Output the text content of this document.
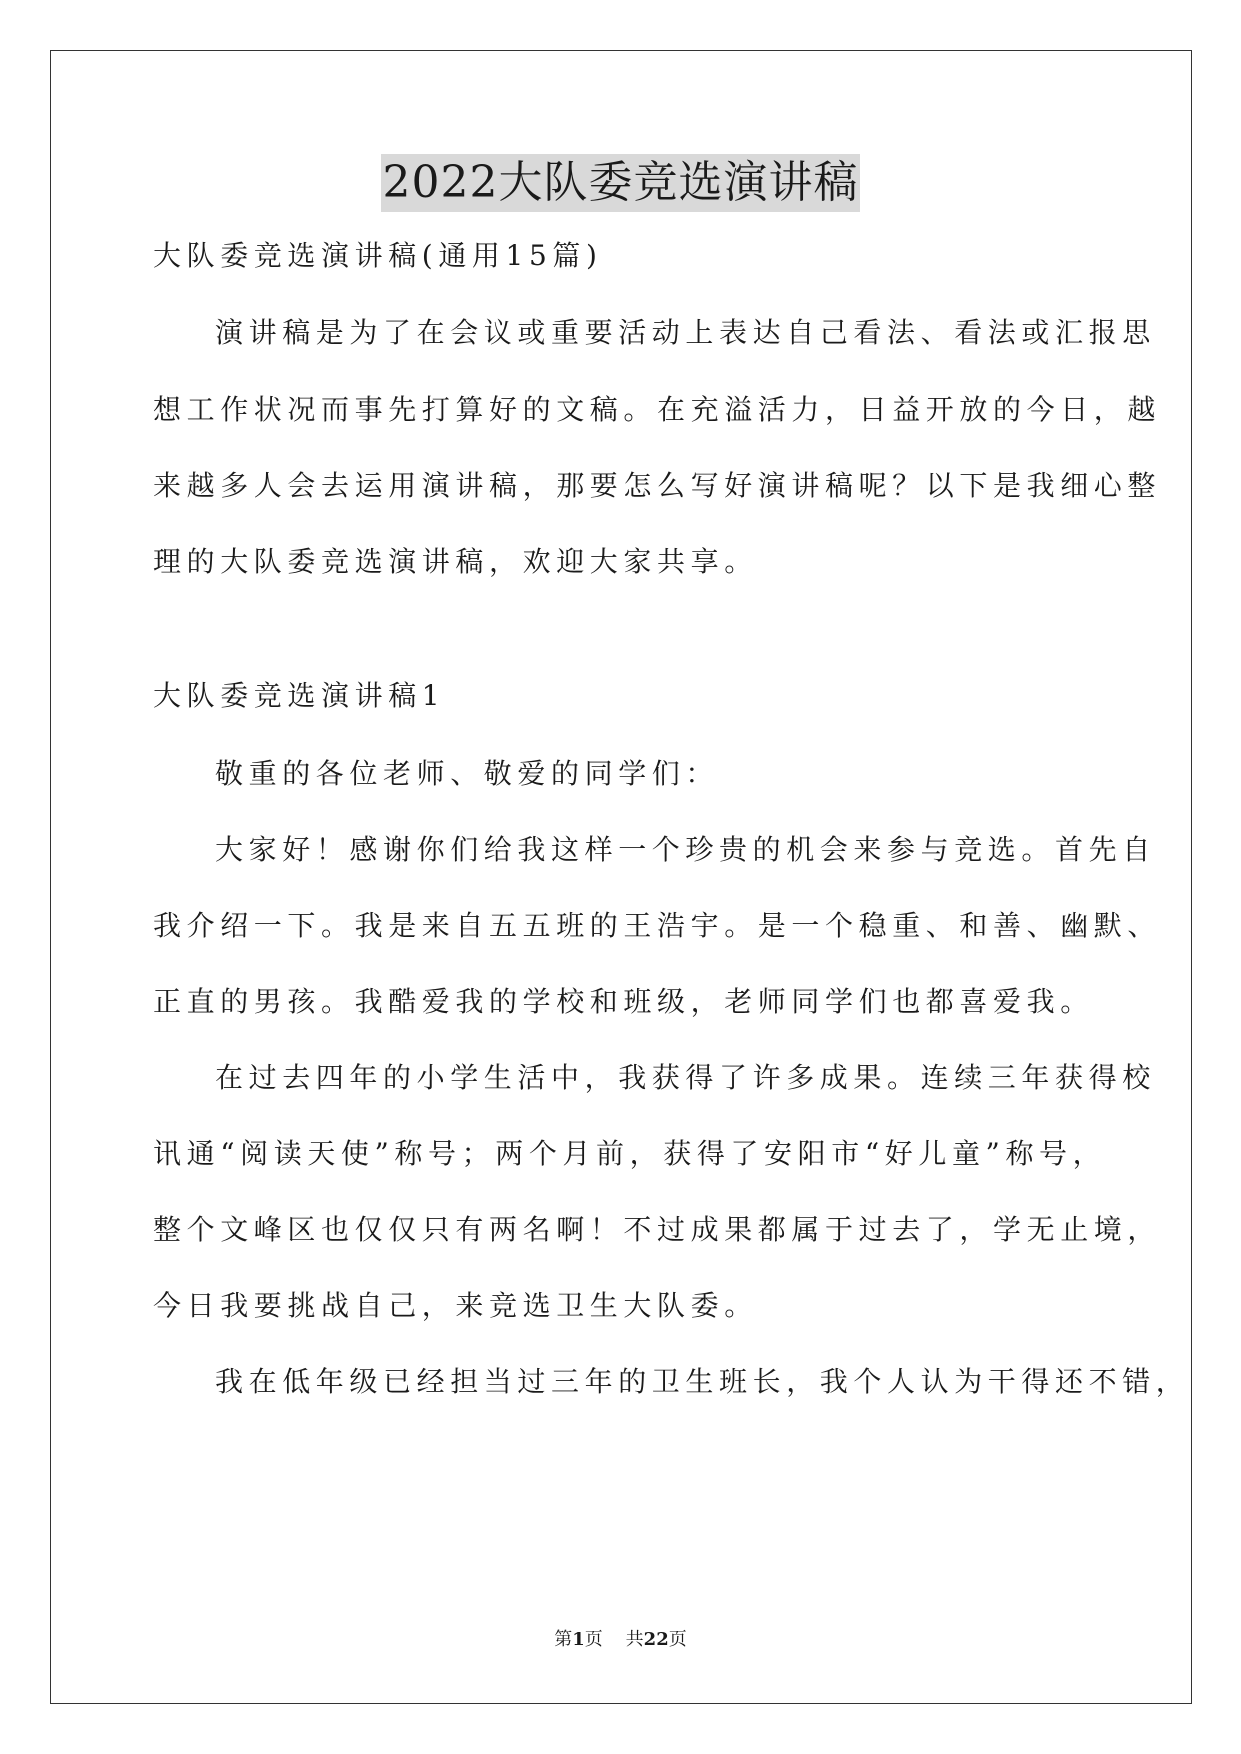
2022大队委竞选演讲稿
大队委竞选演讲稿(通用15篇)
演讲稿是为了在会议或重要活动上表达自己看法、看法或汇报思
想工作状况而事先打算好的文稿。在充溢活力，日益开放的今日，越
来越多人会去运用演讲稿，那要怎么写好演讲稿呢？以下是我细心整
理的大队委竞选演讲稿，欢迎大家共享。
大队委竞选演讲稿1
敬重的各位老师、敬爱的同学们：
大家好！感谢你们给我这样一个珍贵的机会来参与竞选。首先自
我介绍一下。我是来自五五班的王浩宇。是一个稳重、和善、幽默、
正直的男孩。我酷爱我的学校和班级，老师同学们也都喜爱我。
在过去四年的小学生活中，我获得了许多成果。连续三年获得校
讯通“阅读天使”称号；两个月前，获得了安阳市“好儿童”称号，
整个文峰区也仅仅只有两名啊！不过成果都属于过去了，学无止境，
今日我要挑战自己，来竞选卫生大队委。
我在低年级已经担当过三年的卫生班长，我个人认为干得还不错，
第1页 共22页
